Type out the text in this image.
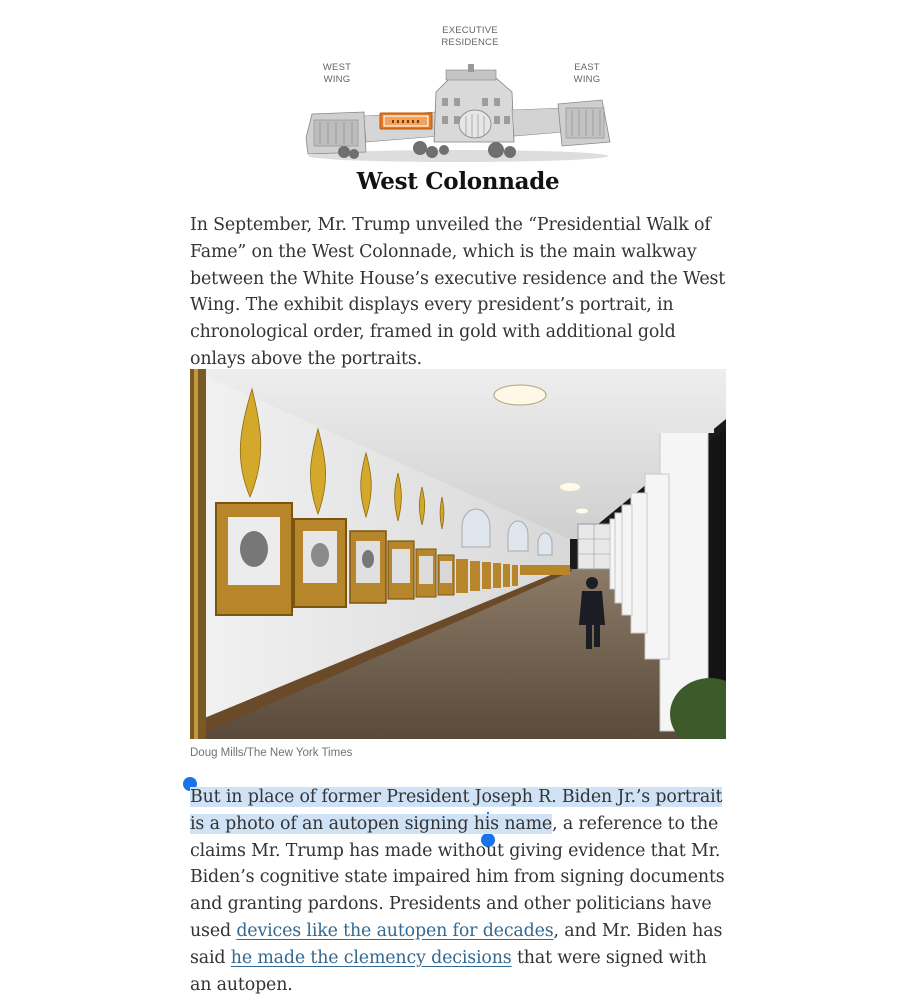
EXECUTIVE
RESIDENCE
WEST
WING
EAST
WING
West Colonnade

In September, Mr. Trump unveiled the “Presidential Walk of Fame” on the West Colonnade, which is the main walkway between the White House’s executive residence and the West Wing. The exhibit displays every president’s portrait, in chronological order, framed in gold with additional gold onlays above the portraits.

Doug Mills/The New York Times

But in place of former President Joseph R. Biden Jr.’s portrait is a photo of an autopen signing his name, a reference to the claims Mr. Trump has made without giving evidence that Mr. Biden’s cognitive state impaired him from signing documents and granting pardons. Presidents and other politicians have used devices like the autopen for decades, and Mr. Biden has said he made the clemency decisions that were signed with an autopen.
